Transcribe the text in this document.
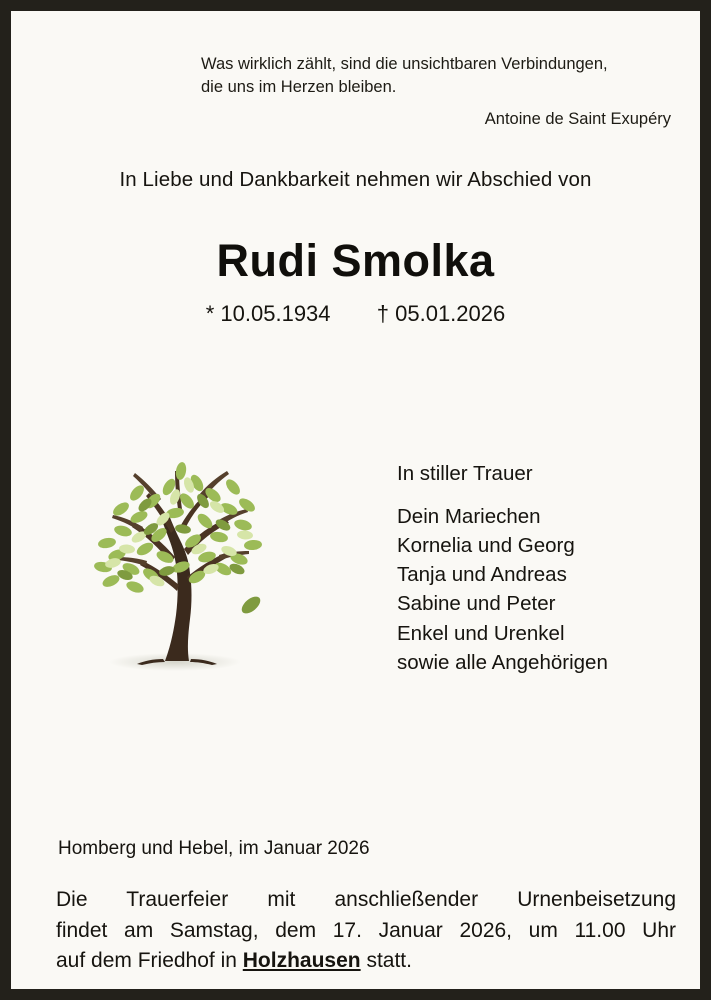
Was wirklich zählt, sind die unsichtbaren Verbindungen,
die uns im Herzen bleiben.
Antoine de Saint Exupéry
In Liebe und Dankbarkeit nehmen wir Abschied von
Rudi Smolka
* 10.05.1934 † 05.01.2026
In stiller Trauer
Dein Mariechen
Kornelia und Georg
Tanja und Andreas
Sabine und Peter
Enkel und Urenkel
sowie alle Angehörigen
Homberg und Hebel, im Januar 2026
Die Trauerfeier mit anschließender Urnenbeisetzung
findet am Samstag, dem 17. Januar 2026, um 11.00 Uhr
auf dem Friedhof in Holzhausen statt.
